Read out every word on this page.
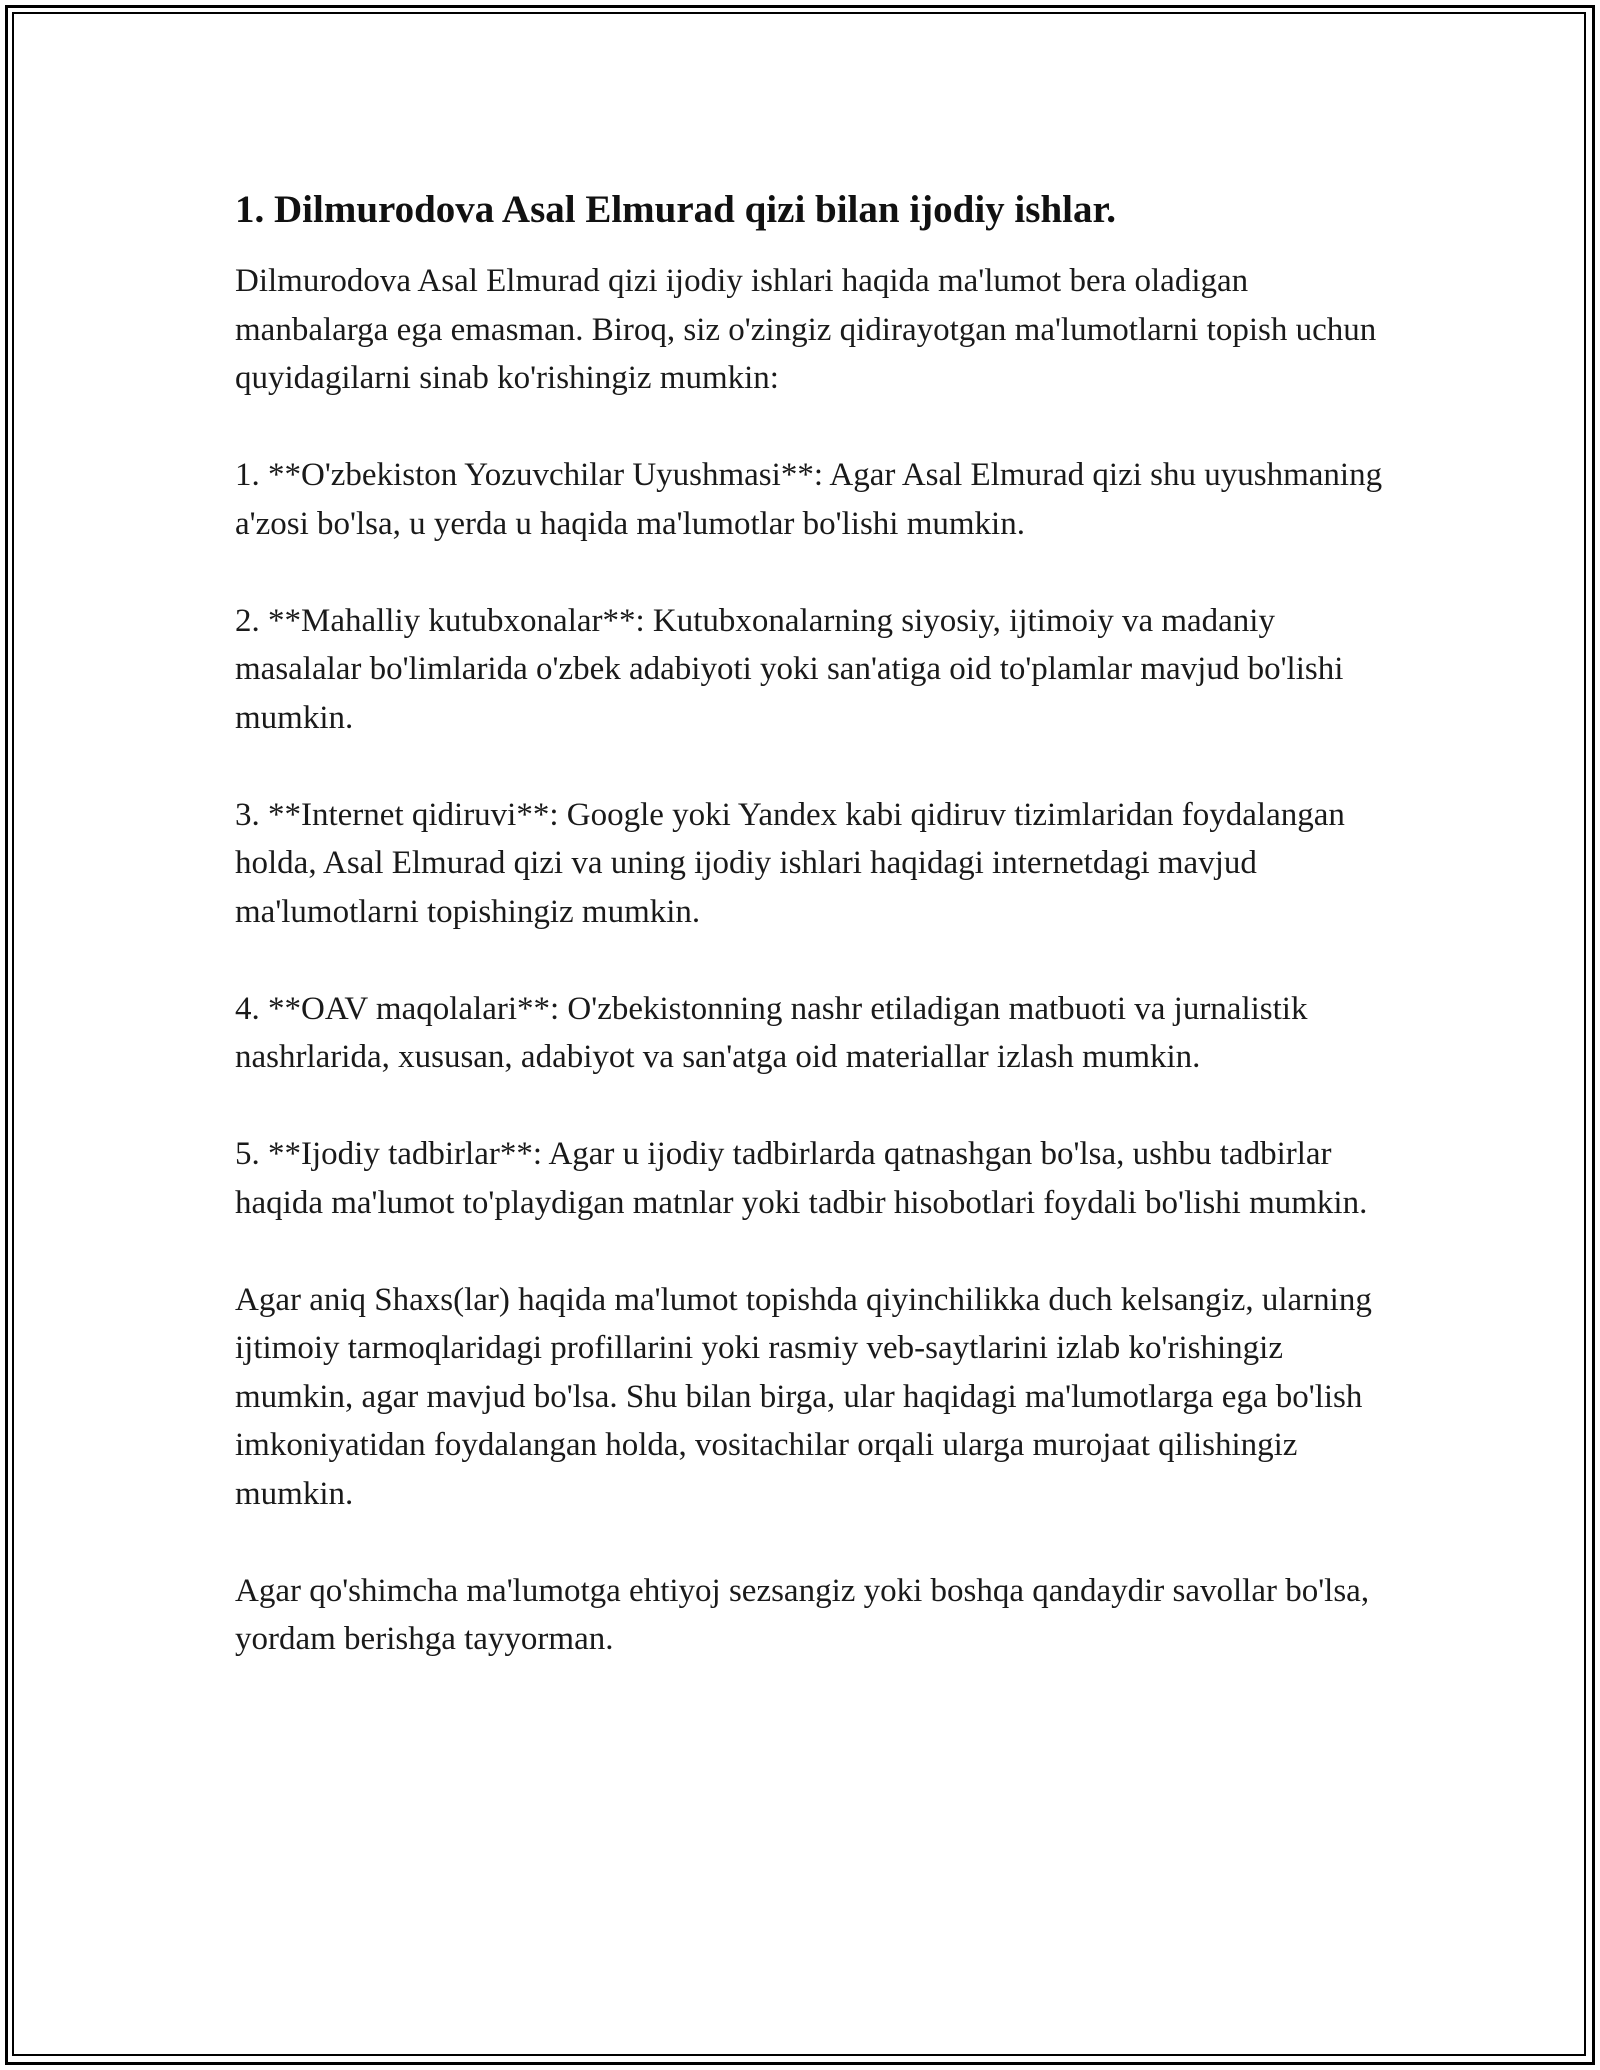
1. Dilmurodova Asal Elmurad qizi bilan ijodiy ishlar.

Dilmurodova Asal Elmurad qizi ijodiy ishlari haqida ma'lumot bera oladigan manbalarga ega emasman. Biroq, siz o'zingiz qidirayotgan ma'lumotlarni topish uchun quyidagilarni sinab ko'rishingiz mumkin:

1. **O'zbekiston Yozuvchilar Uyushmasi**: Agar Asal Elmurad qizi shu uyushmaning a'zosi bo'lsa, u yerda u haqida ma'lumotlar bo'lishi mumkin.

2. **Mahalliy kutubxonalar**: Kutubxonalarning siyosiy, ijtimoiy va madaniy masalalar bo'limlarida o'zbek adabiyoti yoki san'atiga oid to'plamlar mavjud bo'lishi mumkin.

3. **Internet qidiruvi**: Google yoki Yandex kabi qidiruv tizimlaridan foydalangan holda, Asal Elmurad qizi va uning ijodiy ishlari haqidagi internetdagi mavjud ma'lumotlarni topishingiz mumkin.

4. **OAV maqolalari**: O'zbekistonning nashr etiladigan matbuoti va jurnalistik nashrlarida, xususan, adabiyot va san'atga oid materiallar izlash mumkin.

5. **Ijodiy tadbirlar**: Agar u ijodiy tadbirlarda qatnashgan bo'lsa, ushbu tadbirlar haqida ma'lumot to'playdigan matnlar yoki tadbir hisobotlari foydali bo'lishi mumkin.

Agar aniq Shaxs(lar) haqida ma'lumot topishda qiyinchilikka duch kelsangiz, ularning ijtimoiy tarmoqlaridagi profillarini yoki rasmiy veb-saytlarini izlab ko'rishingiz mumkin, agar mavjud bo'lsa. Shu bilan birga, ular haqidagi ma'lumotlarga ega bo'lish imkoniyatidan foydalangan holda, vositachilar orqali ularga murojaat qilishingiz mumkin.

Agar qo'shimcha ma'lumotga ehtiyoj sezsangiz yoki boshqa qandaydir savollar bo'lsa, yordam berishga tayyorman.
